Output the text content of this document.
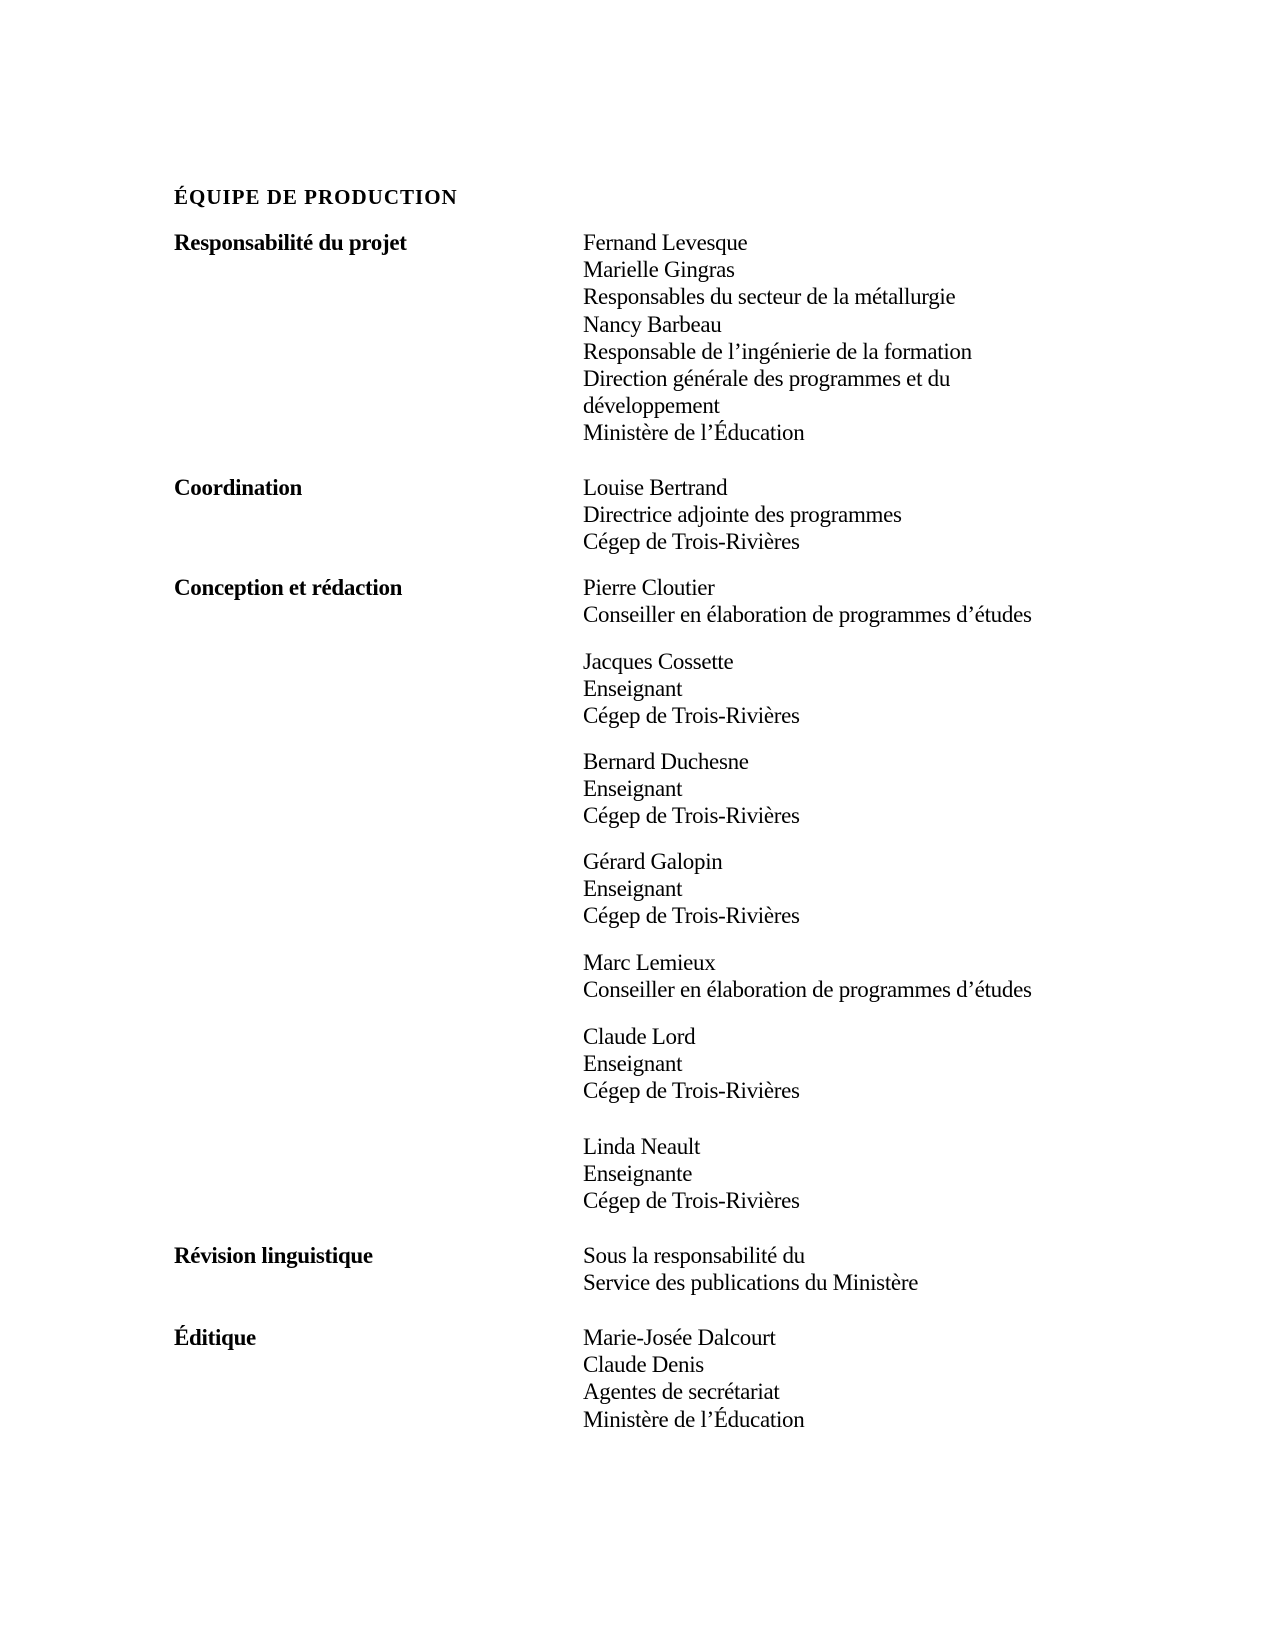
ÉQUIPE DE PRODUCTION
Responsabilité du projet	Fernand Levesque
Marielle Gingras
Responsables du secteur de la métallurgie
Nancy Barbeau
Responsable de l’ingénierie de la formation
Direction générale des programmes et du
développement
Ministère de l’Éducation
Coordination	Louise Bertrand
Directrice adjointe des programmes
Cégep de Trois-Rivières
Conception et rédaction	Pierre Cloutier
Conseiller en élaboration de programmes d’études
Jacques Cossette
Enseignant
Cégep de Trois-Rivières
Bernard Duchesne
Enseignant
Cégep de Trois-Rivières
Gérard Galopin
Enseignant
Cégep de Trois-Rivières
Marc Lemieux
Conseiller en élaboration de programmes d’études
Claude Lord
Enseignant
Cégep de Trois-Rivières
Linda Neault
Enseignante
Cégep de Trois-Rivières
Révision linguistique	Sous la responsabilité du
Service des publications du Ministère
Éditique	Marie-Josée Dalcourt
Claude Denis
Agentes de secrétariat
Ministère de l’Éducation
